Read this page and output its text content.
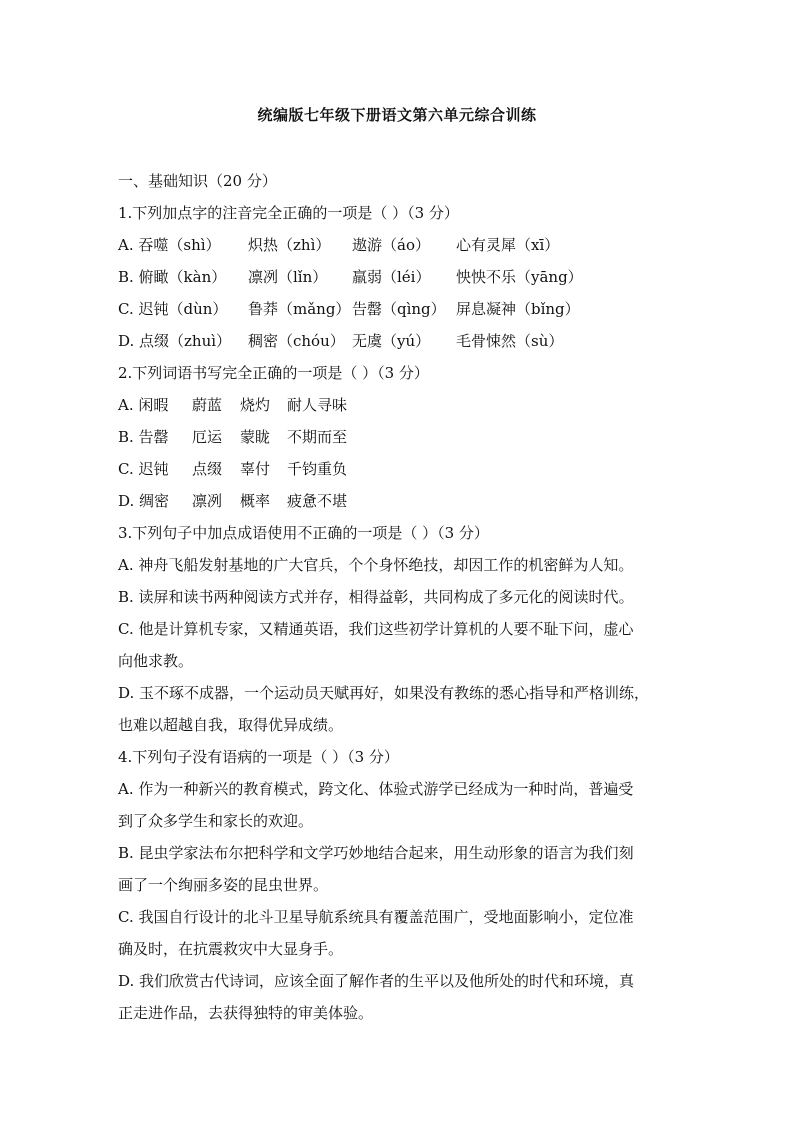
统编版七年级下册语文第六单元综合训练
一、基础知识（20 分）
1.下列加点字的注音完全正确的一项是（ ）（3 分）
A. 吞噬（shì） 炽热（zhì） 遨游（áo） 心有灵犀（xī）
B. 俯瞰（kàn） 凛冽（lǐn） 羸弱（léi） 怏怏不乐（yāng）
C. 迟钝（dùn） 鲁莽（mǎng） 告罄（qìng） 屏息凝神（bǐng）
D. 点缀（zhuì） 稠密（chóu） 无虞（yú） 毛骨悚然（sù）
2.下列词语书写完全正确的一项是（ ）（3 分）
A. 闲暇 蔚蓝 烧灼 耐人寻味
B. 告罄 厄运 蒙眬 不期而至
C. 迟钝 点缀 辜付 千钧重负
D. 绸密 凛冽 概率 疲惫不堪
3.下列句子中加点成语使用不正确的一项是（ ）（3 分）
A. 神舟飞船发射基地的广大官兵，个个身怀绝技，却因工作的机密鲜为人知。
B. 读屏和读书两种阅读方式并存，相得益彰，共同构成了多元化的阅读时代。
C. 他是计算机专家，又精通英语，我们这些初学计算机的人要不耻下问，虚心
向他求教。
D. 玉不琢不成器，一个运动员天赋再好，如果没有教练的悉心指导和严格训练，
也难以超越自我，取得优异成绩。
4.下列句子没有语病的一项是（ ）（3 分）
A. 作为一种新兴的教育模式，跨文化、体验式游学已经成为一种时尚，普遍受
到了众多学生和家长的欢迎。
B. 昆虫学家法布尔把科学和文学巧妙地结合起来，用生动形象的语言为我们刻
画了一个绚丽多姿的昆虫世界。
C. 我国自行设计的北斗卫星导航系统具有覆盖范围广，受地面影响小，定位准
确及时，在抗震救灾中大显身手。
D. 我们欣赏古代诗词，应该全面了解作者的生平以及他所处的时代和环境，真
正走进作品，去获得独特的审美体验。
